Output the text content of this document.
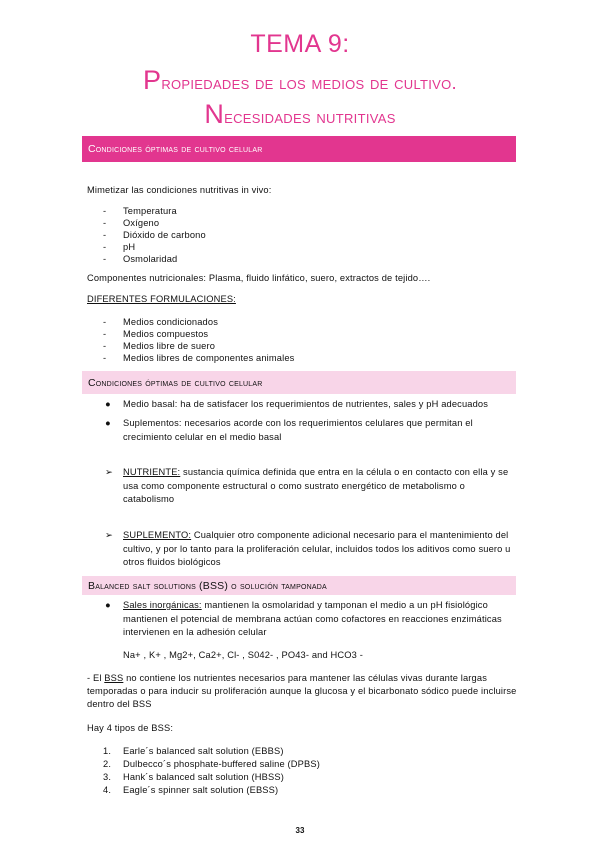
TEMA 9:
Propiedades de los medios de cultivo.
Necesidades nutritivas
Condiciones óptimas de cultivo celular
Mimetizar las condiciones nutritivas in vivo:
- Temperatura
- Oxígeno
- Dióxido de carbono
- pH
- Osmolaridad
Componentes nutricionales: Plasma, fluido linfático, suero, extractos de tejido….
DIFERENTES FORMULACIONES:
- Medios condicionados
- Medios compuestos
- Medios libre de suero
- Medios libres de componentes animales
Condiciones óptimas de cultivo celular
● Medio basal: ha de satisfacer los requerimientos de nutrientes, sales y pH adecuados
● Suplementos: necesarios acorde con los requerimientos celulares que permitan el crecimiento celular en el medio basal
➢ NUTRIENTE: sustancia química definida que entra en la célula o en contacto con ella y se usa como componente estructural o como sustrato energético de metabolismo o catabolismo
➢ SUPLEMENTO: Cualquier otro componente adicional necesario para el mantenimiento del cultivo, y por lo tanto para la proliferación celular, incluidos todos los aditivos como suero u otros fluidos biológicos
Balanced salt solutions (BSS) o solución tamponada
● Sales inorgánicas: mantienen la osmolaridad y tamponan el medio a un pH fisiológico mantienen el potencial de membrana actúan como cofactores en reacciones enzimáticas intervienen en la adhesión celular
Na+ , K+ , Mg2+, Ca2+, Cl- , S042- , PO43- and HCO3 -
- El BSS no contiene los nutrientes necesarios para mantener las células vivas durante largas temporadas o para inducir su proliferación aunque la glucosa y el bicarbonato sódico puede incluirse dentro del BSS
Hay 4 tipos de BSS:
1. Earle´s balanced salt solution (EBBS)
2. Dulbecco´s phosphate-buffered saline (DPBS)
3. Hank´s balanced salt solution (HBSS)
4. Eagle´s spinner salt solution (EBSS)
33
